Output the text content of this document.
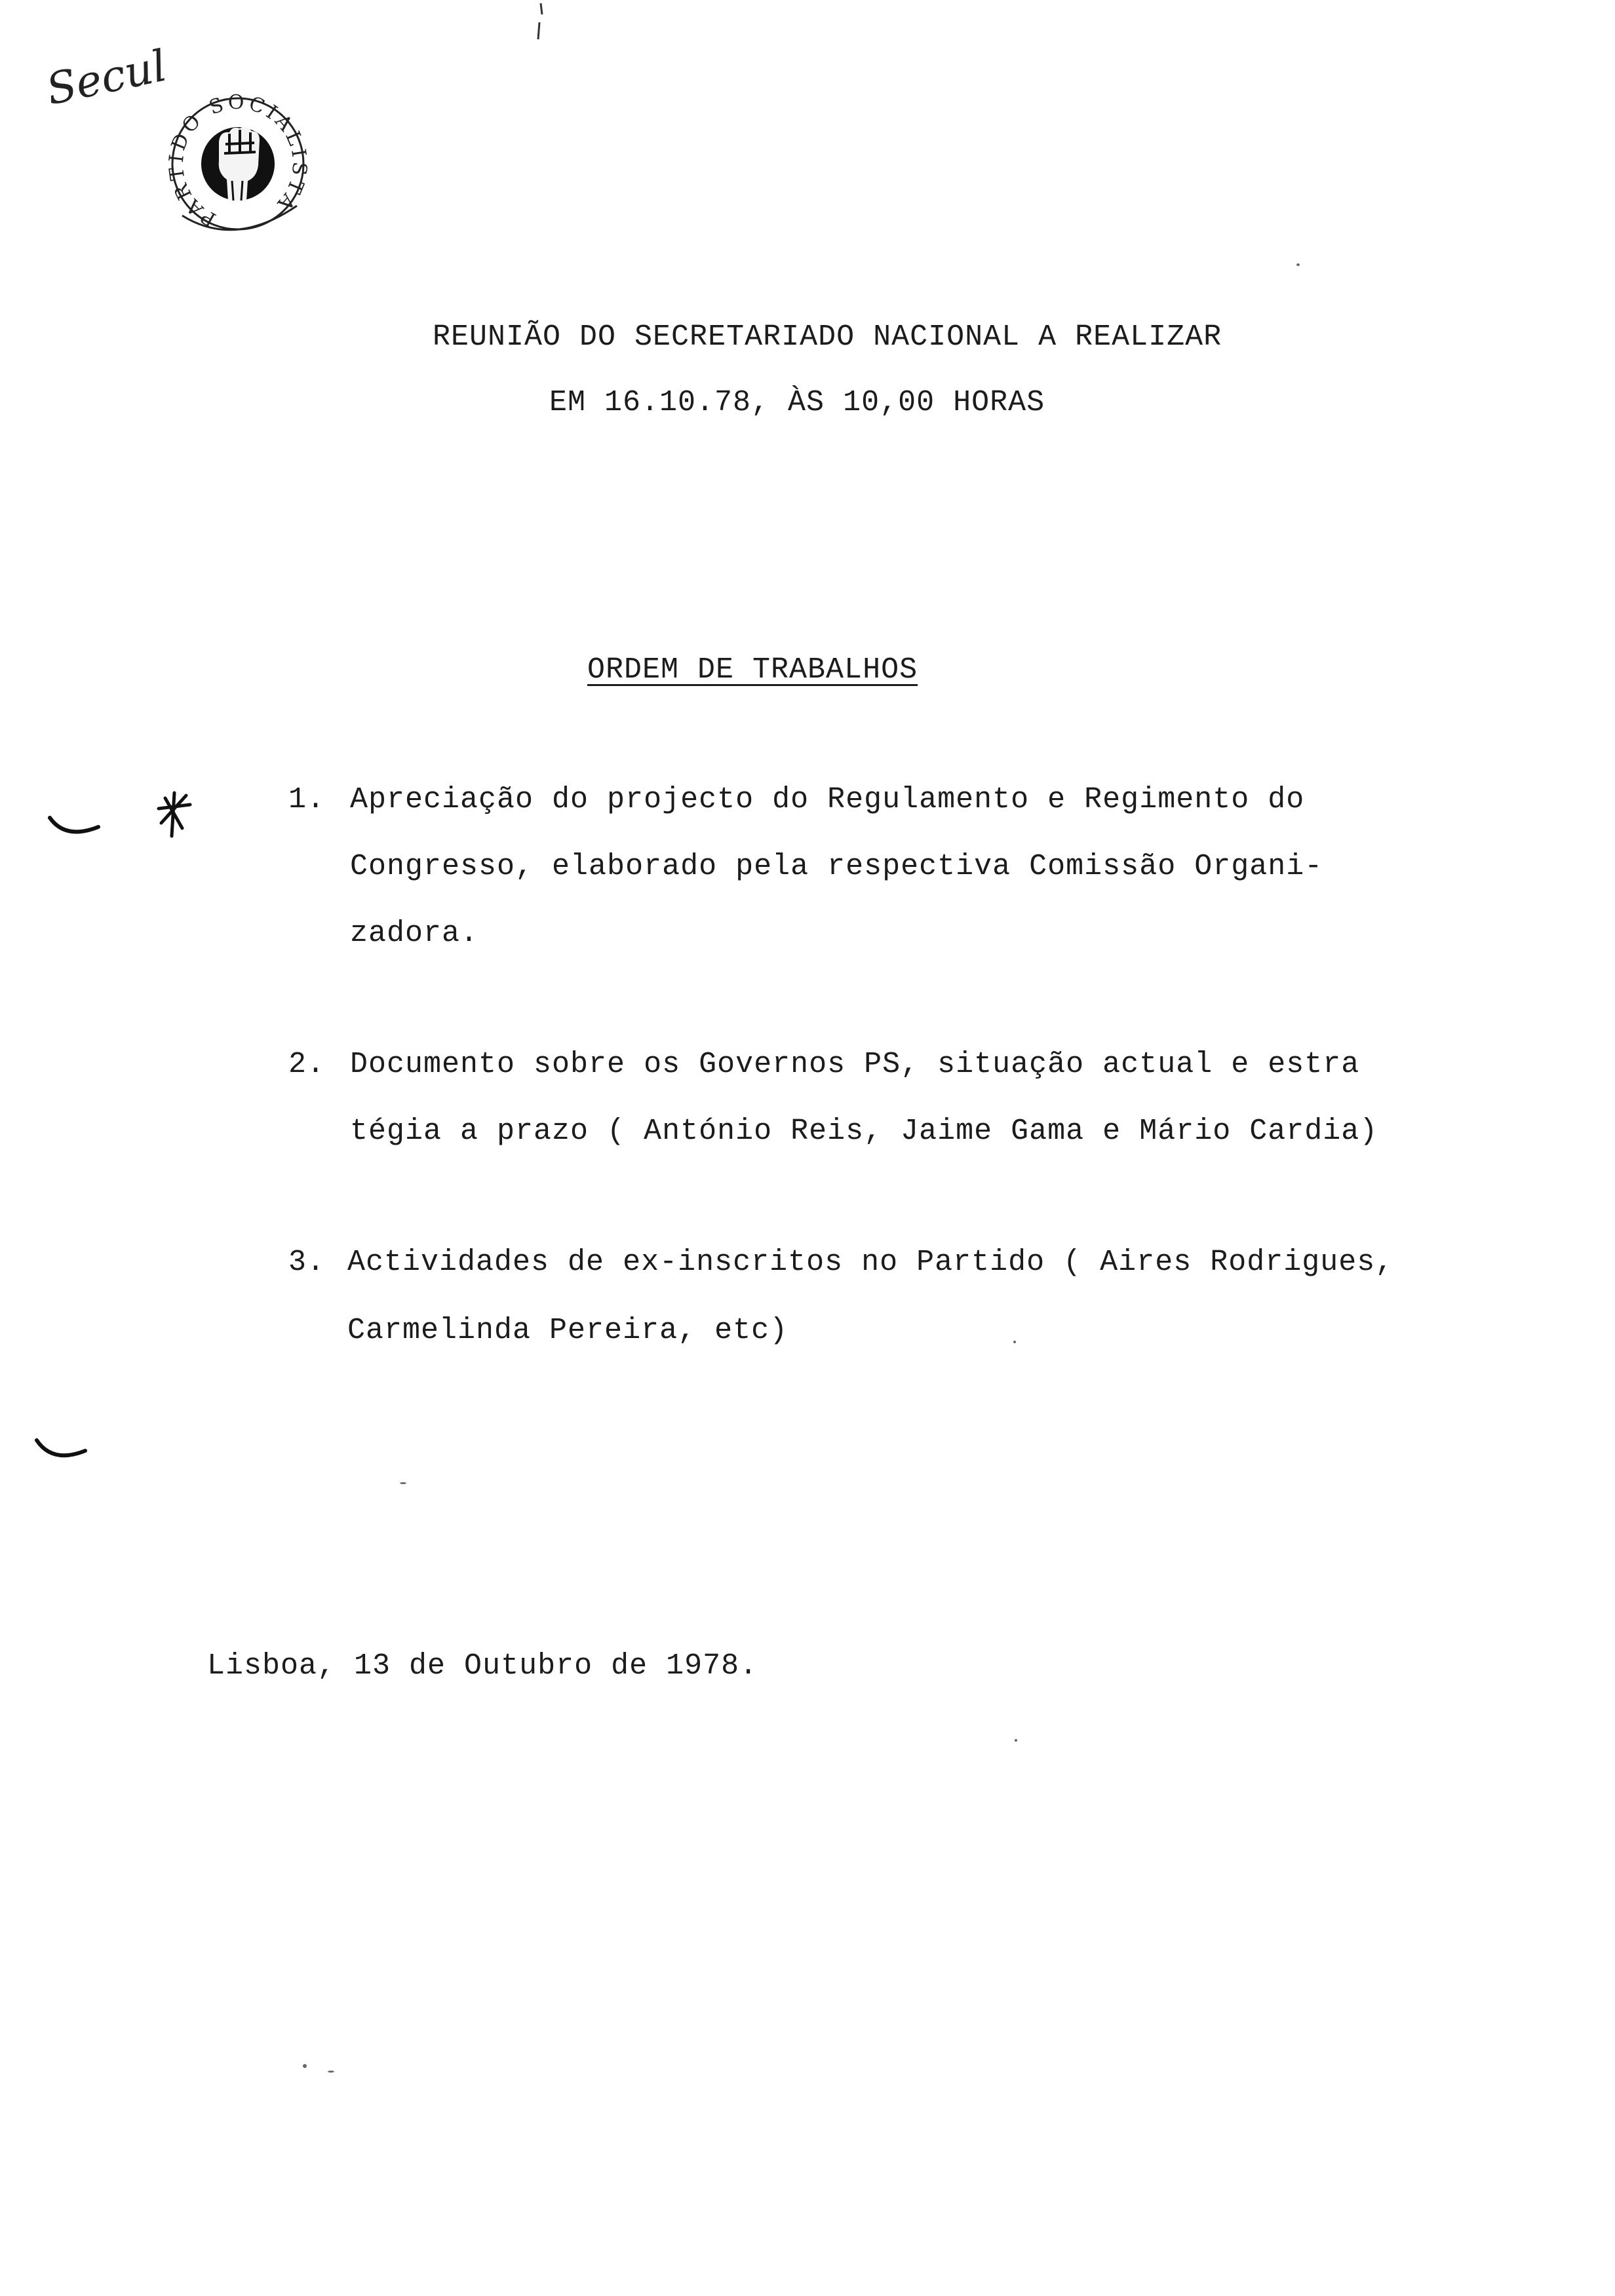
Secul
PARTIDO SOCIALISTA
REUNIÃO DO SECRETARIADO NACIONAL A REALIZAR
EM 16.10.78, ÀS 10,00 HORAS
ORDEM DE TRABALHOS
1. Apreciação do projecto do Regulamento e Regimento do
Congresso, elaborado pela respectiva Comissão Organi-
zadora.
2. Documento sobre os Governos PS, situação actual e estra
tégia a prazo ( António Reis, Jaime Gama e Mário Cardia)
3. Actividades de ex-inscritos no Partido ( Aires Rodrigues,
Carmelinda Pereira, etc)
Lisboa, 13 de Outubro de 1978.
